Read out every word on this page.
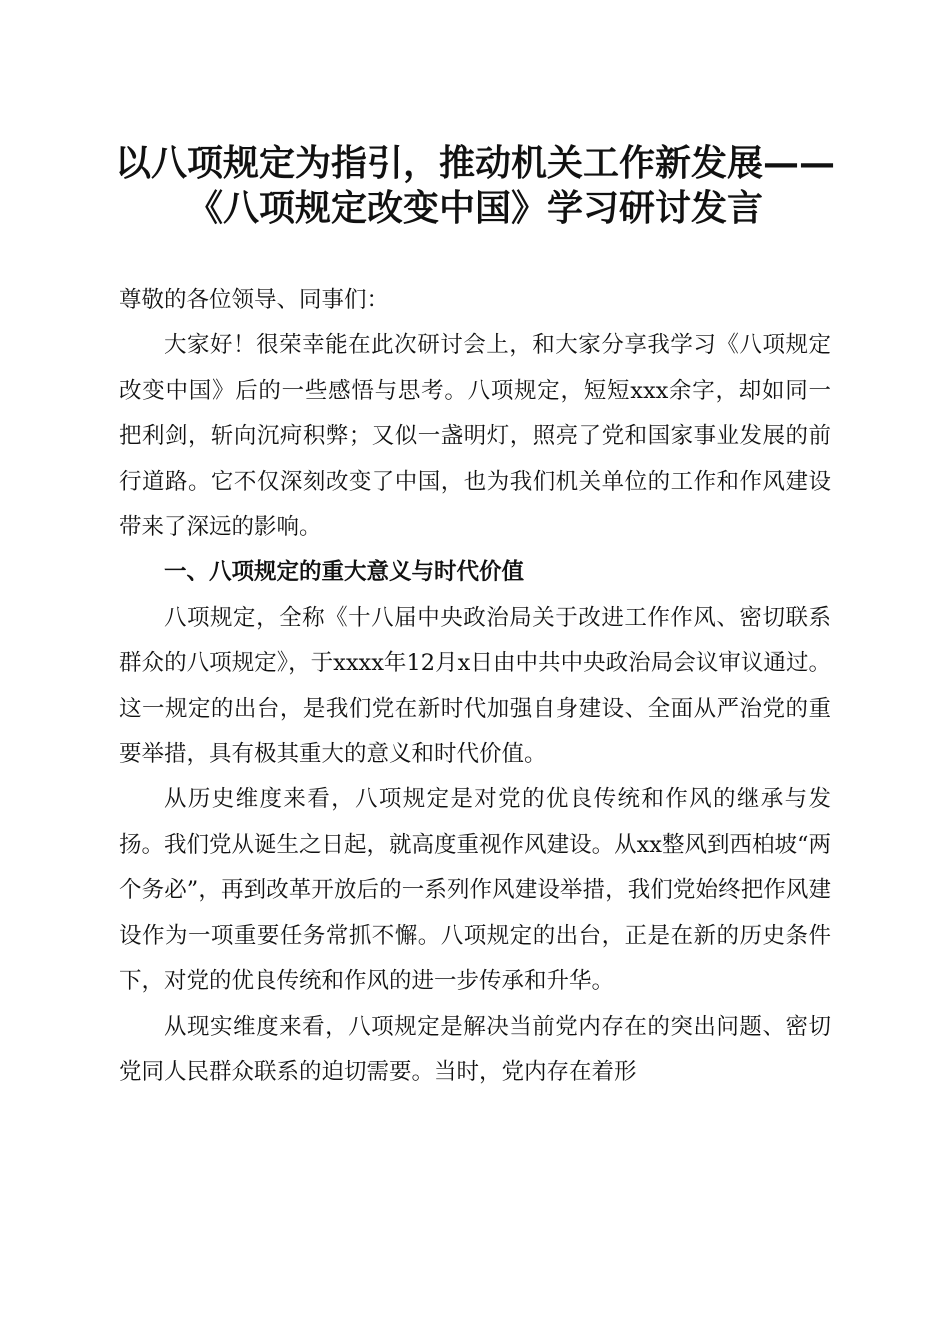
以八项规定为指引，推动机关工作新发展——
《八项规定改变中国》学习研讨发言

尊敬的各位领导、同事们：

大家好！很荣幸能在此次研讨会上，和大家分享我学习《八项规定改变中国》后的一些感悟与思考。八项规定，短短xxx余字，却如同一把利剑，斩向沉疴积弊；又似一盏明灯，照亮了党和国家事业发展的前行道路。它不仅深刻改变了中国，也为我们机关单位的工作和作风建设带来了深远的影响。

一、八项规定的重大意义与时代价值

八项规定，全称《十八届中央政治局关于改进工作作风、密切联系群众的八项规定》，于xxxx年12月x日由中共中央政治局会议审议通过。这一规定的出台，是我们党在新时代加强自身建设、全面从严治党的重要举措，具有极其重大的意义和时代价值。

从历史维度来看，八项规定是对党的优良传统和作风的继承与发扬。我们党从诞生之日起，就高度重视作风建设。从xx整风到西柏坡“两个务必”，再到改革开放后的一系列作风建设举措，我们党始终把作风建设作为一项重要任务常抓不懈。八项规定的出台，正是在新的历史条件下，对党的优良传统和作风的进一步传承和升华。

从现实维度来看，八项规定是解决当前党内存在的突出问题、密切党同人民群众联系的迫切需要。当时，党内存在着形
